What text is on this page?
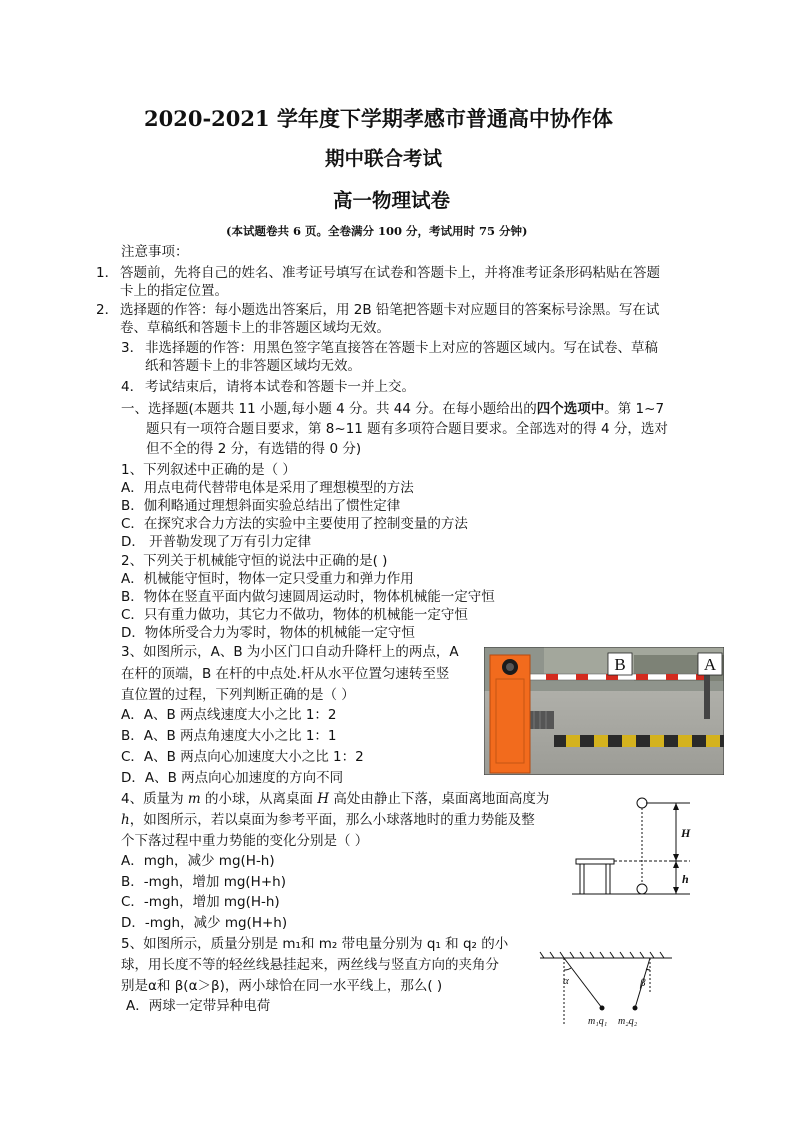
2020-2021 学年度下学期孝感市普通高中协作体
期中联合考试
高一物理试卷
(本试题卷共 6 页。全卷满分 100 分，考试用时 75 分钟)
注意事项：
1． 答题前，先将自己的姓名、准考证号填写在试卷和答题卡上，并将准考证条形码粘贴在答题
卡上的指定位置。
2． 选择题的作答：每小题选出答案后，用 2B 铅笔把答题卡对应题目的答案标号涂黑。写在试
卷、草稿纸和答题卡上的非答题区域均无效。
3． 非选择题的作答：用黑色签字笔直接答在答题卡上对应的答题区域内。写在试卷、草稿
纸和答题卡上的非答题区域均无效。
4． 考试结束后，请将本试卷和答题卡一并上交。
一、选择题(本题共 11 小题,每小题 4 分。共 44 分。在每小题给出的四个选项中。第 1~7
题只有一项符合题目要求，第 8~11 题有多项符合题目要求。全部选对的得 4 分，选对
但不全的得 2 分，有选错的得 0 分)
1、下列叙述中正确的是（ ）
A．用点电荷代替带电体是采用了理想模型的方法
B．伽利略通过理想斜面实验总结出了惯性定律
C．在探究求合力方法的实验中主要使用了控制变量的方法
D． 开普勒发现了万有引力定律
2、下列关于机械能守恒的说法中正确的是( )
A．机械能守恒时，物体一定只受重力和弹力作用
B．物体在竖直平面内做匀速圆周运动时，物体机械能一定守恒
C．只有重力做功，其它力不做功，物体的机械能一定守恒
D．物体所受合力为零时，物体的机械能一定守恒
3、如图所示，A、B 为小区门口自动升降杆上的两点，A
在杆的顶端，B 在杆的中点处.杆从水平位置匀速转至竖
直位置的过程，下列判断正确的是（ ）
A．A、B 两点线速度大小之比 1：2
B．A、B 两点角速度大小之比 1：1
C．A、B 两点向心加速度大小之比 1：2
D．A、B 两点向心加速度的方向不同
B	A
4、质量为 m 的小球，从离桌面 H 高处由静止下落，桌面离地面高度为
h，如图所示，若以桌面为参考平面，那么小球落地时的重力势能及整
个下落过程中重力势能的变化分别是（ ）
A．mgh，减少 mg(H-h)
B．-mgh，增加 mg(H+h)
C．-mgh，增加 mg(H-h)
D．-mgh，减少 mg(H+h)
H
h
5、如图所示，质量分别是 m₁和 m₂ 带电量分别为 q₁ 和 q₂ 的小
球，用长度不等的轻丝线悬挂起来，两丝线与竖直方向的夹角分
别是α和 β(α＞β)，两小球恰在同一水平线上，那么( )
A．两球一定带异种电荷
α	β
m₁q₁ m₂q₂
